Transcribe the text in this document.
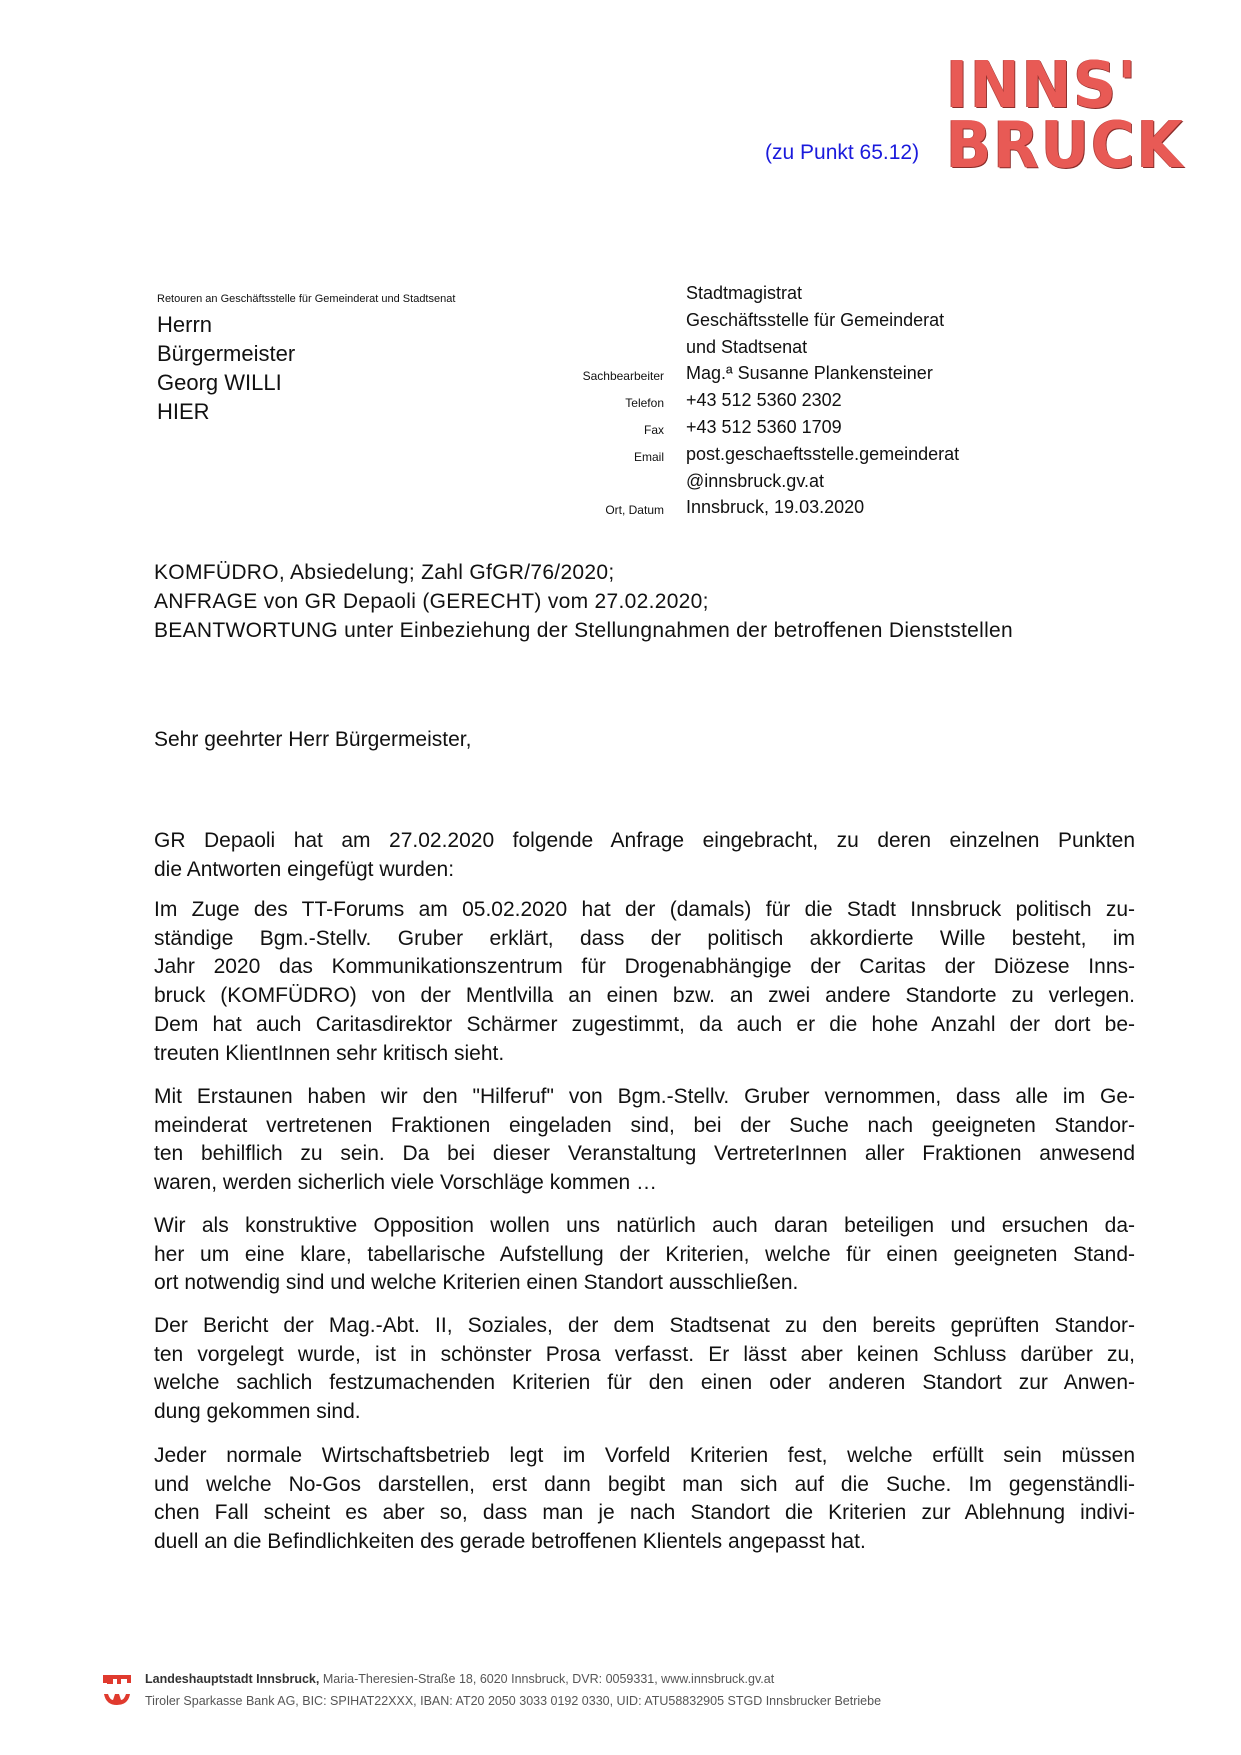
(zu Punkt 65.12)
INNS'
BRUCK
Retouren an Geschäftsstelle für Gemeinderat und Stadtsenat
Herrn
Bürgermeister
Georg WILLI
HIER
Stadtmagistrat
Geschäftsstelle für Gemeinderat
und Stadtsenat
Sachbearbeiter Mag.ª Susanne Plankensteiner
Telefon +43 512 5360 2302
Fax +43 512 5360 1709
Email post.geschaeftsstelle.gemeinderat
@innsbruck.gv.at
Ort, Datum Innsbruck, 19.03.2020
KOMFÜDRO, Absiedelung; Zahl GfGR/76/2020;
ANFRAGE von GR Depaoli (GERECHT) vom 27.02.2020;
BEANTWORTUNG unter Einbeziehung der Stellungnahmen der betroffenen Dienststellen
Sehr geehrter Herr Bürgermeister,
GR Depaoli hat am 27.02.2020 folgende Anfrage eingebracht, zu deren einzelnen Punkten
die Antworten eingefügt wurden:
Im Zuge des TT-Forums am 05.02.2020 hat der (damals) für die Stadt Innsbruck politisch zu-
ständige Bgm.-Stellv. Gruber erklärt, dass der politisch akkordierte Wille besteht, im
Jahr 2020 das Kommunikationszentrum für Drogenabhängige der Caritas der Diözese Inns-
bruck (KOMFÜDRO) von der Mentlvilla an einen bzw. an zwei andere Standorte zu verlegen.
Dem hat auch Caritasdirektor Schärmer zugestimmt, da auch er die hohe Anzahl der dort be-
treuten KlientInnen sehr kritisch sieht.
Mit Erstaunen haben wir den "Hilferuf" von Bgm.-Stellv. Gruber vernommen, dass alle im Ge-
meinderat vertretenen Fraktionen eingeladen sind, bei der Suche nach geeigneten Standor-
ten behilflich zu sein. Da bei dieser Veranstaltung VertreterInnen aller Fraktionen anwesend
waren, werden sicherlich viele Vorschläge kommen …
Wir als konstruktive Opposition wollen uns natürlich auch daran beteiligen und ersuchen da-
her um eine klare, tabellarische Aufstellung der Kriterien, welche für einen geeigneten Stand-
ort notwendig sind und welche Kriterien einen Standort ausschließen.
Der Bericht der Mag.-Abt. II, Soziales, der dem Stadtsenat zu den bereits geprüften Standor-
ten vorgelegt wurde, ist in schönster Prosa verfasst. Er lässt aber keinen Schluss darüber zu,
welche sachlich festzumachenden Kriterien für den einen oder anderen Standort zur Anwen-
dung gekommen sind.
Jeder normale Wirtschaftsbetrieb legt im Vorfeld Kriterien fest, welche erfüllt sein müssen
und welche No-Gos darstellen, erst dann begibt man sich auf die Suche. Im gegenständli-
chen Fall scheint es aber so, dass man je nach Standort die Kriterien zur Ablehnung indivi-
duell an die Befindlichkeiten des gerade betroffenen Klientels angepasst hat.
Landeshauptstadt Innsbruck, Maria-Theresien-Straße 18, 6020 Innsbruck, DVR: 0059331, www.innsbruck.gv.at
Tiroler Sparkasse Bank AG, BIC: SPIHAT22XXX, IBAN: AT20 2050 3033 0192 0330, UID: ATU58832905 STGD Innsbrucker Betriebe
